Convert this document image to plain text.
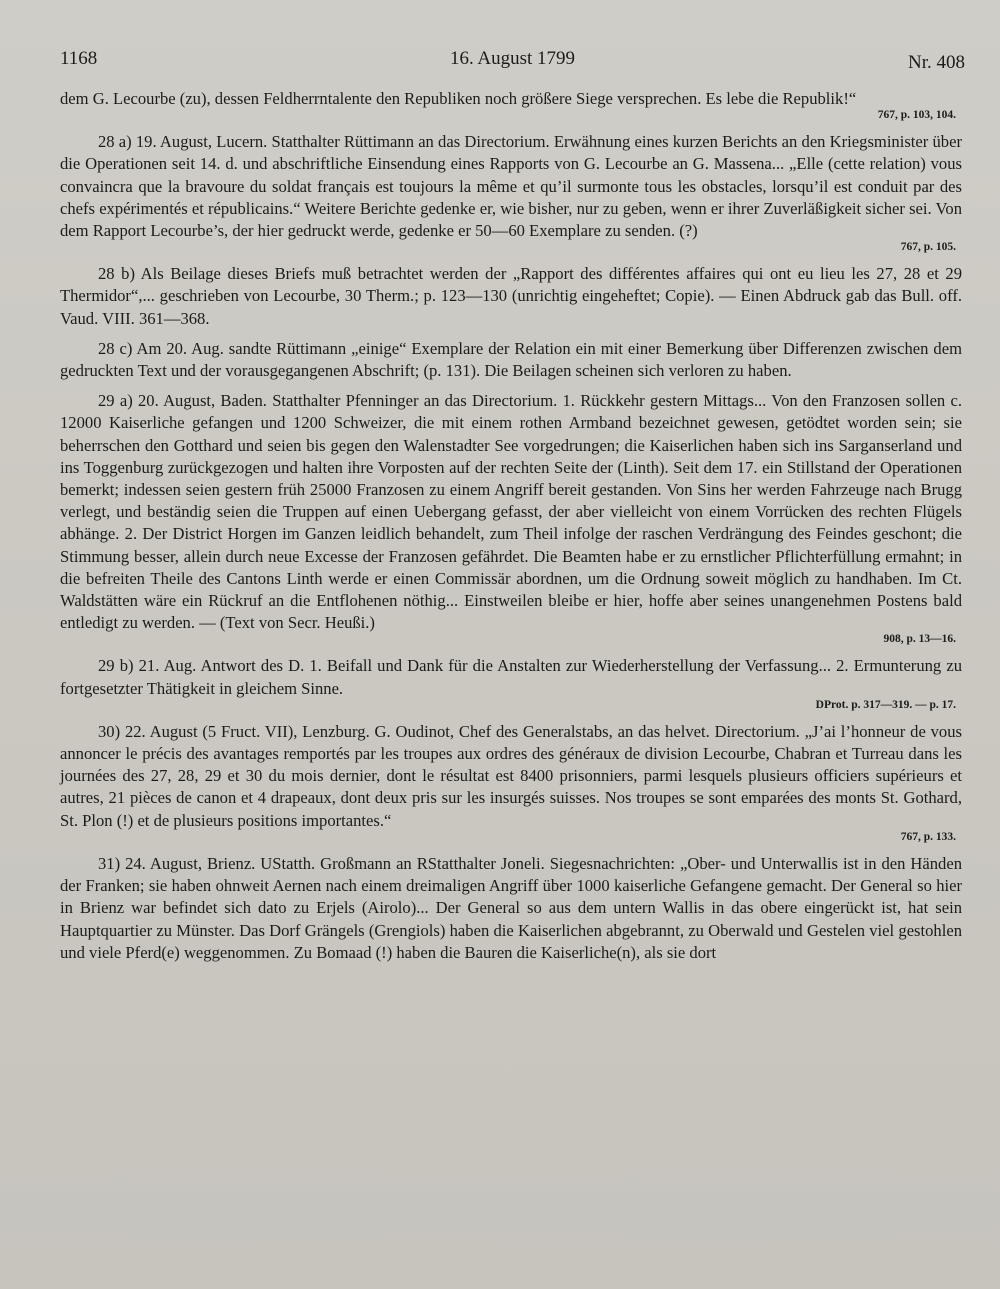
1168	16. August 1799	Nr. 408
dem G. Lecourbe (zu), dessen Feldherrntalente den Republiken noch größere Siege versprechen. Es lebe die Republik!“
767, p. 103, 104.
28 a) 19. August, Lucern. Statthalter Rüttimann an das Directorium. Erwähnung eines kurzen Berichts an den Kriegsminister über die Operationen seit 14. d. und abschriftliche Einsendung eines Rapports von G. Lecourbe an G. Massena... „Elle (cette relation) vous convaincra que la bravoure du soldat français est toujours la même et qu’il surmonte tous les obstacles, lorsqu’il est conduit par des chefs expérimentés et républicains.“ Weitere Berichte gedenke er, wie bisher, nur zu geben, wenn er ihrer Zuverläßigkeit sicher sei. Von dem Rapport Lecourbe’s, der hier gedruckt werde, gedenke er 50—60 Exemplare zu senden. (?)
767, p. 105.
28 b) Als Beilage dieses Briefs muß betrachtet werden der „Rapport des différentes affaires qui ont eu lieu les 27, 28 et 29 Thermidor“,... geschrieben von Lecourbe, 30 Therm.; p. 123—130 (unrichtig eingeheftet; Copie). — Einen Abdruck gab das Bull. off. Vaud. VIII. 361—368.
28 c) Am 20. Aug. sandte Rüttimann „einige“ Exemplare der Relation ein mit einer Bemerkung über Differenzen zwischen dem gedruckten Text und der vorausgegangenen Abschrift; (p. 131). Die Beilagen scheinen sich verloren zu haben.
29 a) 20. August, Baden. Statthalter Pfenninger an das Directorium. 1. Rückkehr gestern Mittags... Von den Franzosen sollen c. 12000 Kaiserliche gefangen und 1200 Schweizer, die mit einem rothen Armband bezeichnet gewesen, getödtet worden sein; sie beherrschen den Gotthard und seien bis gegen den Walenstadter See vorgedrungen; die Kaiserlichen haben sich ins Sarganserland und ins Toggenburg zurückgezogen und halten ihre Vorposten auf der rechten Seite der (Linth). Seit dem 17. ein Stillstand der Operationen bemerkt; indessen seien gestern früh 25000 Franzosen zu einem Angriff bereit gestanden. Von Sins her werden Fahrzeuge nach Brugg verlegt, und beständig seien die Truppen auf einen Uebergang gefasst, der aber vielleicht von einem Vorrücken des rechten Flügels abhänge. 2. Der District Horgen im Ganzen leidlich behandelt, zum Theil infolge der raschen Verdrängung des Feindes geschont; die Stimmung besser, allein durch neue Excesse der Franzosen gefährdet. Die Beamten habe er zu ernstlicher Pflichterfüllung ermahnt; in die befreiten Theile des Cantons Linth werde er einen Commissär abordnen, um die Ordnung soweit möglich zu handhaben. Im Ct. Waldstätten wäre ein Rückruf an die Entflohenen nöthig... Einstweilen bleibe er hier, hoffe aber seines unangenehmen Postens bald entledigt zu werden. — (Text von Secr. Heußi.)
908, p. 13—16.
29 b) 21. Aug. Antwort des D. 1. Beifall und Dank für die Anstalten zur Wiederherstellung der Verfassung... 2. Ermunterung zu fortgesetzter Thätigkeit in gleichem Sinne.
DProt. p. 317—319. — p. 17.
30) 22. August (5 Fruct. VII), Lenzburg. G. Oudinot, Chef des Generalstabs, an das helvet. Directorium. „J’ai l’honneur de vous annoncer le précis des avantages remportés par les troupes aux ordres des généraux de division Lecourbe, Chabran et Turreau dans les journées des 27, 28, 29 et 30 du mois dernier, dont le résultat est 8400 prisonniers, parmi lesquels plusieurs officiers supérieurs et autres, 21 pièces de canon et 4 drapeaux, dont deux pris sur les insurgés suisses. Nos troupes se sont emparées des monts St. Gothard, St. Plon (!) et de plusieurs positions importantes.“
767, p. 133.
31) 24. August, Brienz. UStatth. Großmann an RStatthalter Joneli. Siegesnachrichten: „Ober- und Unterwallis ist in den Händen der Franken; sie haben ohnweit Aernen nach einem dreimaligen Angriff über 1000 kaiserliche Gefangene gemacht. Der General so hier in Brienz war befindet sich dato zu Erjels (Airolo)... Der General so aus dem untern Wallis in das obere eingerückt ist, hat sein Hauptquartier zu Münster. Das Dorf Grängels (Grengiols) haben die Kaiserlichen abgebrannt, zu Oberwald und Gestelen viel gestohlen und viele Pferd(e) weggenommen. Zu Bomaad (!) haben die Bauren die Kaiserliche(n), als sie dort
